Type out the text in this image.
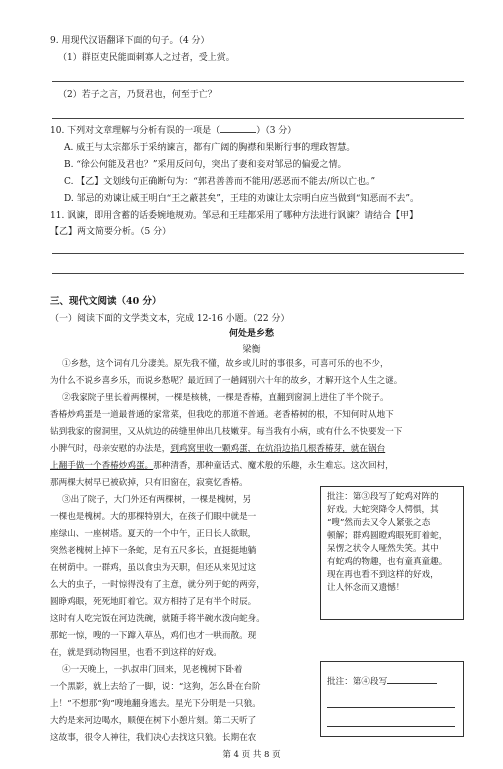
9. 用现代汉语翻译下面的句子。（4 分）
（1）群臣吏民能面刺寡人之过者，受上赏。
（2）若子之言，乃贤君也，何至于亡？
10. 下列对文章理解与分析有误的一项是（	）（3 分）
A. 威王与太宗都乐于采纳谏言，都有广阔的胸襟和果断行事的理政智慧。
B. “徐公何能及君也？”采用反问句，突出了妻和妾对邹忌的偏爱之情。
C. 【乙】文划线句正确断句为：“郭君善善而不能用/恶恶而不能去/所以亡也。”
D. 邹忌的劝谏让威王明白“王之蔽甚矣”，王珪的劝谏让太宗明白应当做到“知恶而不去”。
11. 讽谏，即用含蓄的话委婉地规劝。邹忌和王珪都采用了哪种方法进行讽谏？请结合【甲】
【乙】两文简要分析。（5 分）
三、现代文阅读（40 分）
（一）阅读下面的文学类文本，完成 12-16 小题。（22 分）
何处是乡愁
梁衡
①乡愁，这个词有几分凄美。原先我不懂，故乡或儿时的事很多，可喜可乐的也不少，
为什么不说乡喜乡乐，而说乡愁呢？最近回了一趟阔别六十年的故乡，才解开这个人生之谜。
②我家院子里长着两棵树，一棵是核桃，一棵是香椿，直翻到窗洞上进住了半个院子。
香椿炒鸡蛋是一道最普通的家常菜，但我吃的那道不普通。老香椿树的根，不知何时从地下
钻到我家的窗洞里，又从炕边的砖缝里伸出几枝嫩芽。每当我有小病，或有什么不快要发一下
小脾气时，母亲安慰的办法是，到鸡窝里收一颗鸡蛋，在炕沿边掐几根香椿芽，就在锅台
上翻手做一个香椿炒鸡蛋。那种清香，那种童话式、魔术般的乐趣，永生难忘。这次回村，
那两棵大树早已被砍掉，只有旧窗在，寂寞忆香椿。
③出了院子，大门外还有两棵树，一棵是槐树，另
一棵也是槐树。大的那棵特别大，在孩子们眼中就是一
座绿山、一座树塔。夏天的一个中午，正日长人欲眠，
突然老槐树上掉下一条蛇，足有五尺多长，直挺挺地躺
在树荫中。一群鸡，虽以食虫为天职，但还从来见过这
么大的虫子，一时惊得没有了主意，就分列于蛇的两旁，
圆睁鸡眼，死死地盯着它。双方相持了足有半个时辰。
这时有人吃完饭在河边洗碗，就随手将半碗水泼向蛇身。
那蛇一惊，嗖的一下蹿入草丛，鸡们也才一哄而散。现
在，就是到动物园里，也看不到这样的好戏。
④一天晚上，一扒叔串门回来，见老槐树下卧着
一个黑影，就上去给了一脚，说：“这狗，怎么卧在台阶
上！”不想那“狗”嗖地翻身逃去。星光下分明是一只狼。
大约是来河边喝水，顺便在树下小憩片刻。第二天听了
这故事，很令人神往，我们决心去找这只狼。长期在农
批注：第③段写了蛇鸡对阵的
好戏。大蛇突降令人愕惧，其
“嗖”然而去又令人紧张之态
顿解；群鸡圆瞪鸡眼死盯着蛇，
呆愣之状令人哑然失笑。其中
有蛇鸡的物趣，也有童真童趣。
现在再也看不到这样的好戏，
让人怀念而又遗憾！
批注：第④段写
第 4 页 共 8 页
